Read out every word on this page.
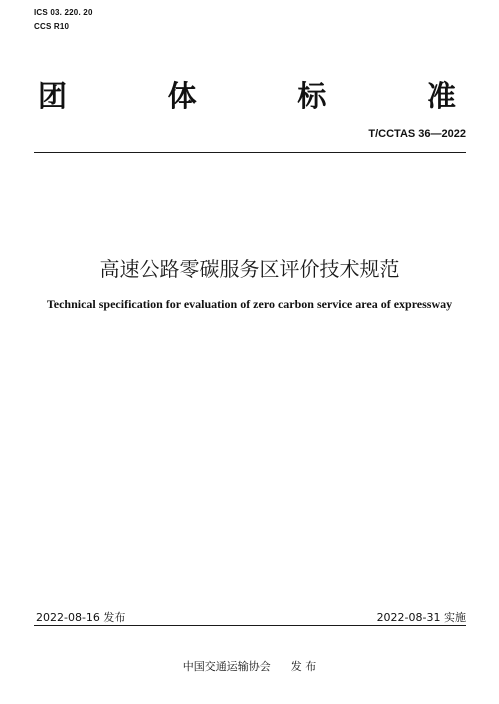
ICS 03. 220. 20
CCS R10
团	体	标	准
T/CCTAS 36—2022
高速公路零碳服务区评价技术规范
Technical specification for evaluation of zero carbon service area of expressway
2022-08-16 发布	2022-08-31 实施
中国交通运输协会 发 布
